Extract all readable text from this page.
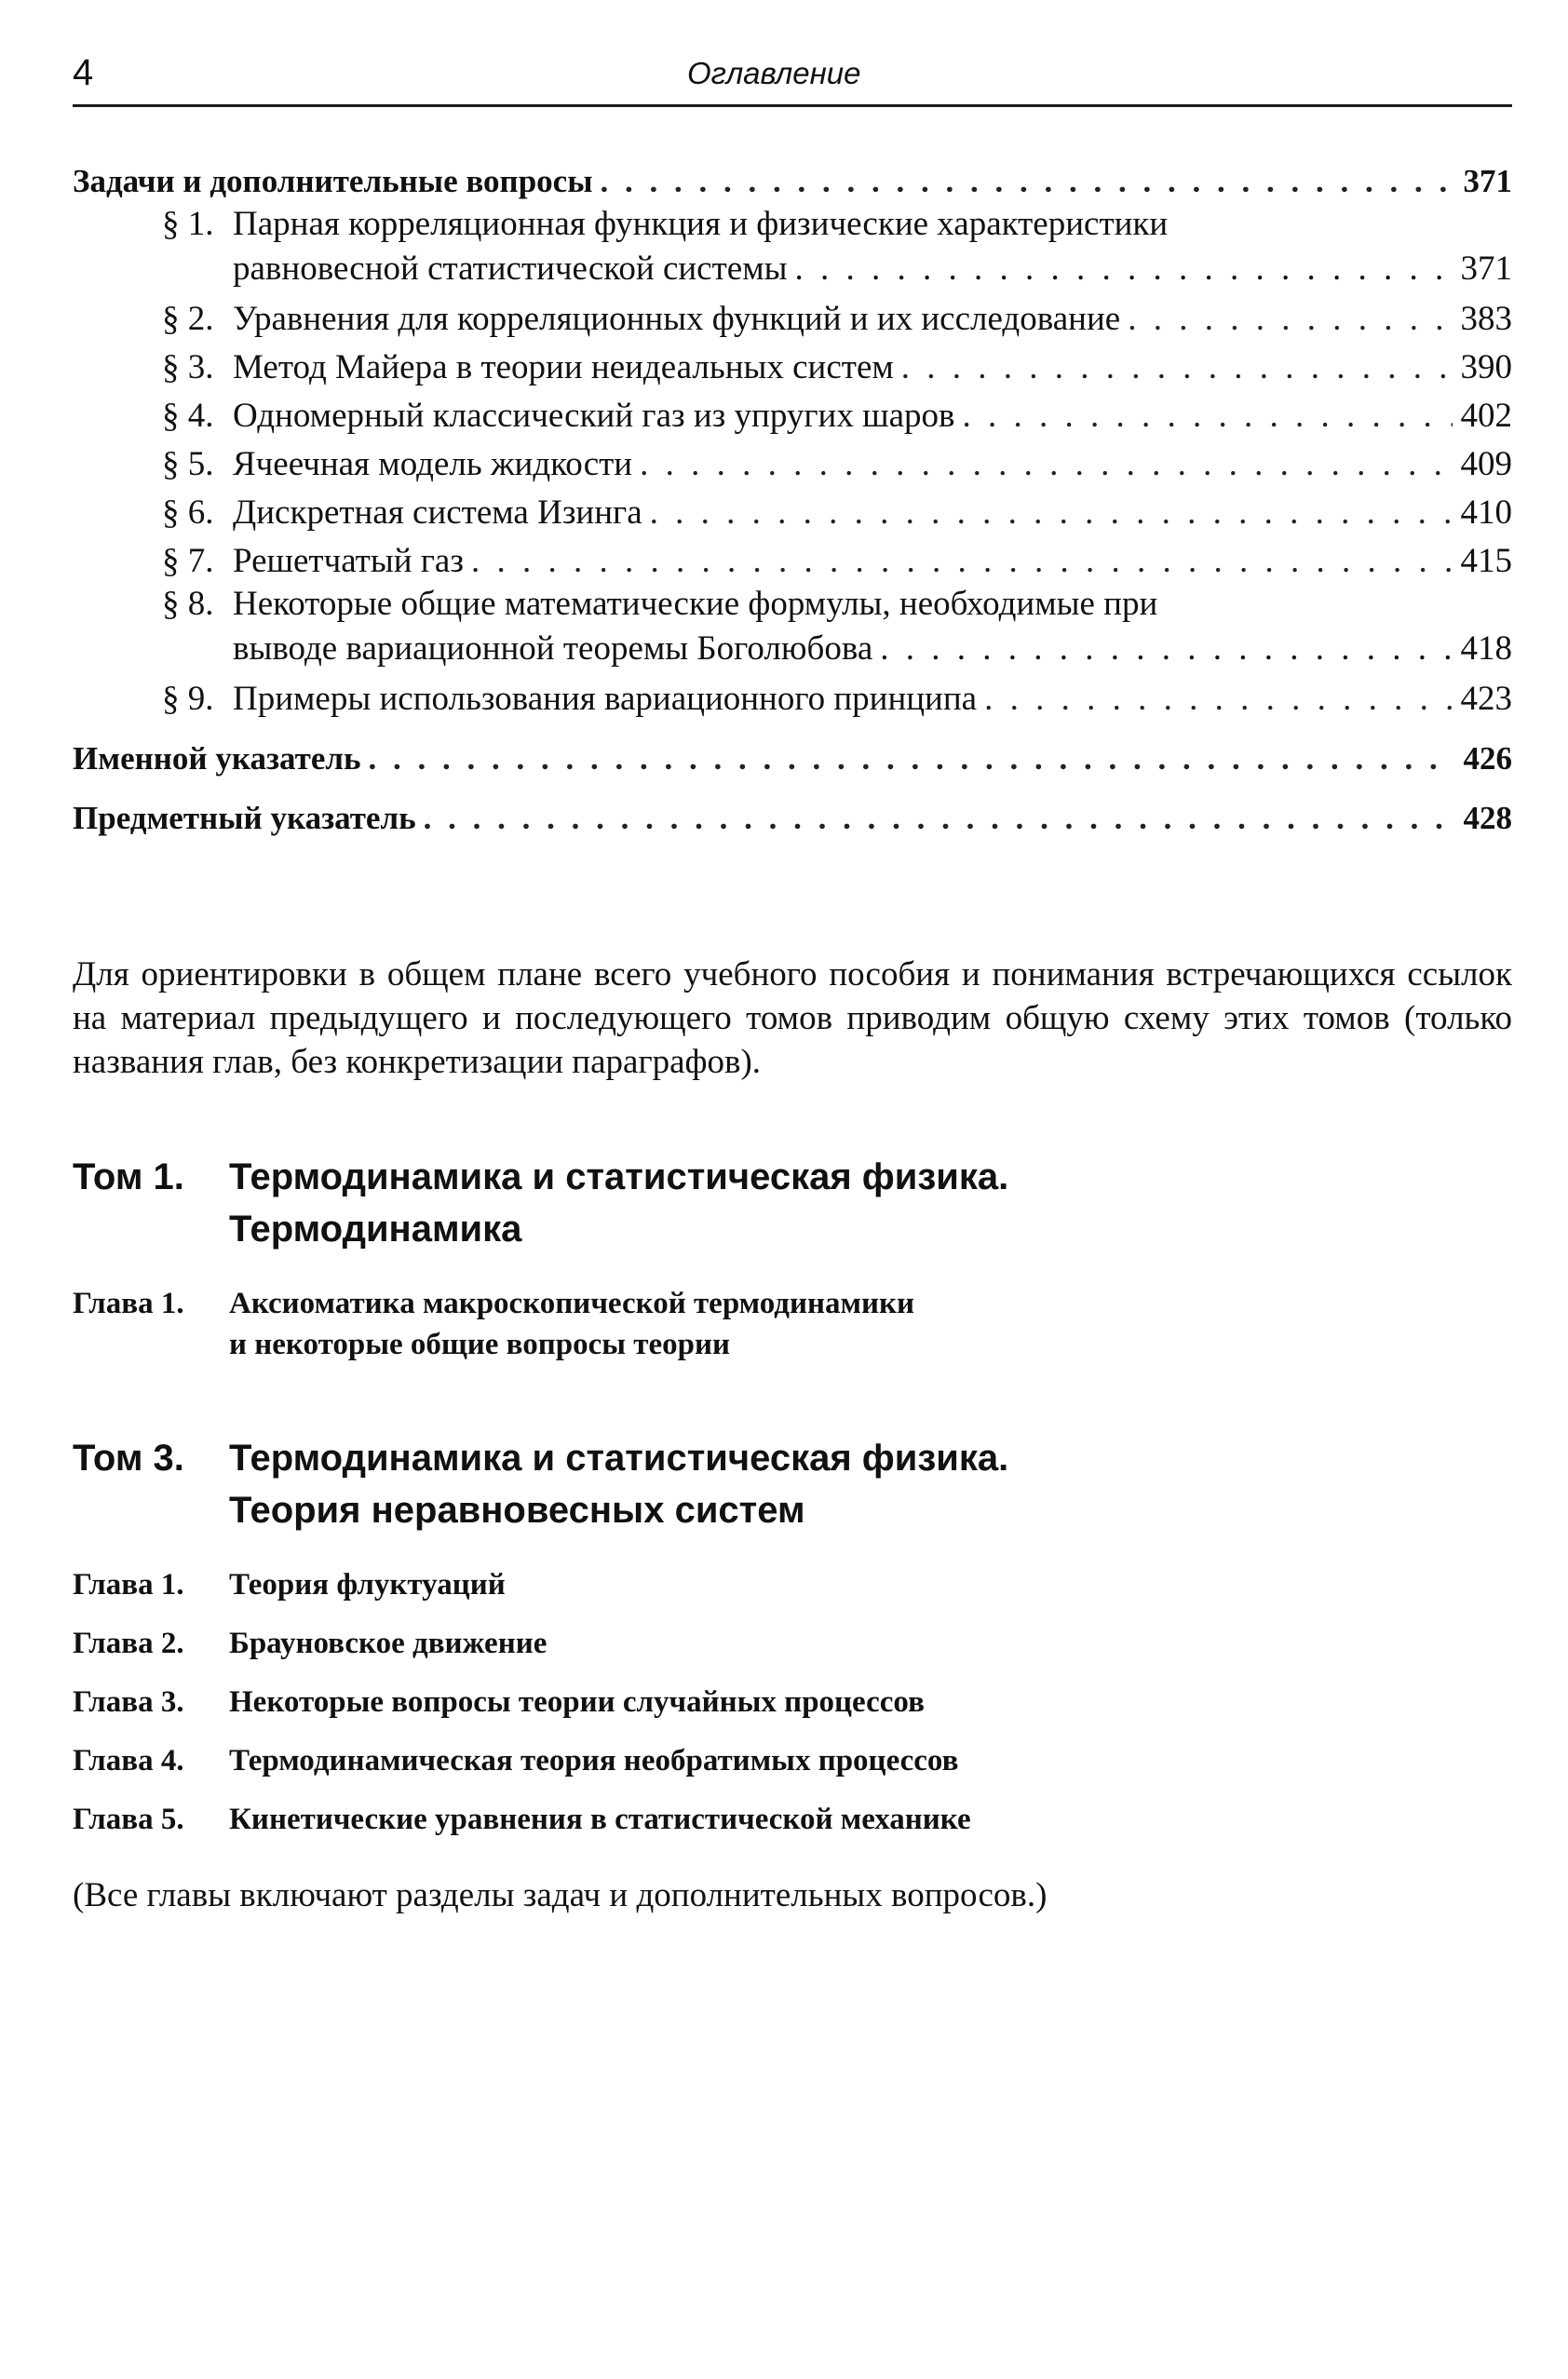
4	Оглавление
Задачи и дополнительные вопросы . . .	371
§ 1. Парная корреляционная функция и физические характеристики
равновесной статистической системы . . .	371
§ 2. Уравнения для корреляционных функций и их исследование . . .	383
§ 3. Метод Майера в теории неидеальных систем . . .	390
§ 4. Одномерный классический газ из упругих шаров . . .	402
§ 5. Ячеечная модель жидкости . . .	409
§ 6. Дискретная система Изинга . . .	410
§ 7. Решетчатый газ . . .	415
§ 8. Некоторые общие математические формулы, необходимые при
выводе вариационной теоремы Боголюбова . . .	418
§ 9. Примеры использования вариационного принципа . . .	423
Именной указатель . . .	426
Предметный указатель . . .	428

Для ориентировки в общем плане всего учебного пособия и понимания встречающихся ссылок на материал предыдущего и последующего томов приводим общую схему этих томов (только названия глав, без конкретизации параграфов).

Том 1.	Термодинамика и статистическая физика.
Термодинамика
Глава 1.	Аксиоматика макроскопической термодинамики
и некоторые общие вопросы теории
Том 3.	Термодинамика и статистическая физика.
Теория неравновесных систем
Глава 1.	Теория флуктуаций
Глава 2.	Брауновское движение
Глава 3.	Некоторые вопросы теории случайных процессов
Глава 4.	Термодинамическая теория необратимых процессов
Глава 5.	Кинетические уравнения в статистической механике

(Все главы включают разделы задач и дополнительных вопросов.)
